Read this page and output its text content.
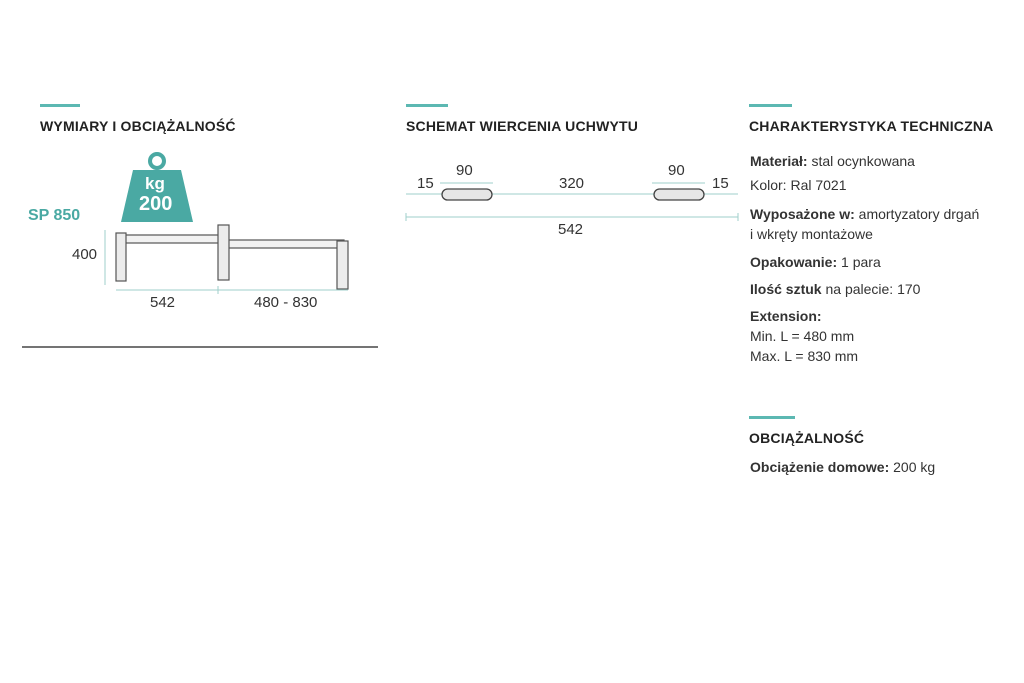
WYMIARY I OBCIĄŻALNOŚĆ
kg
200
SP 850
400
542	480 - 830
SCHEMAT WIERCENIA UCHWYTU
15
90
320
90
15
542
CHARAKTERYSTYKA TECHNICZNA
Materiał: stal ocynkowana
Kolor: Ral 7021
Wyposażone w: amortyzatory drgań
i wkręty montażowe
Opakowanie: 1 para
Ilość sztuk na palecie: 170
Extension:
Min. L = 480 mm
Max. L = 830 mm
OBCIĄŻALNOŚĆ
Obciążenie domowe: 200 kg
